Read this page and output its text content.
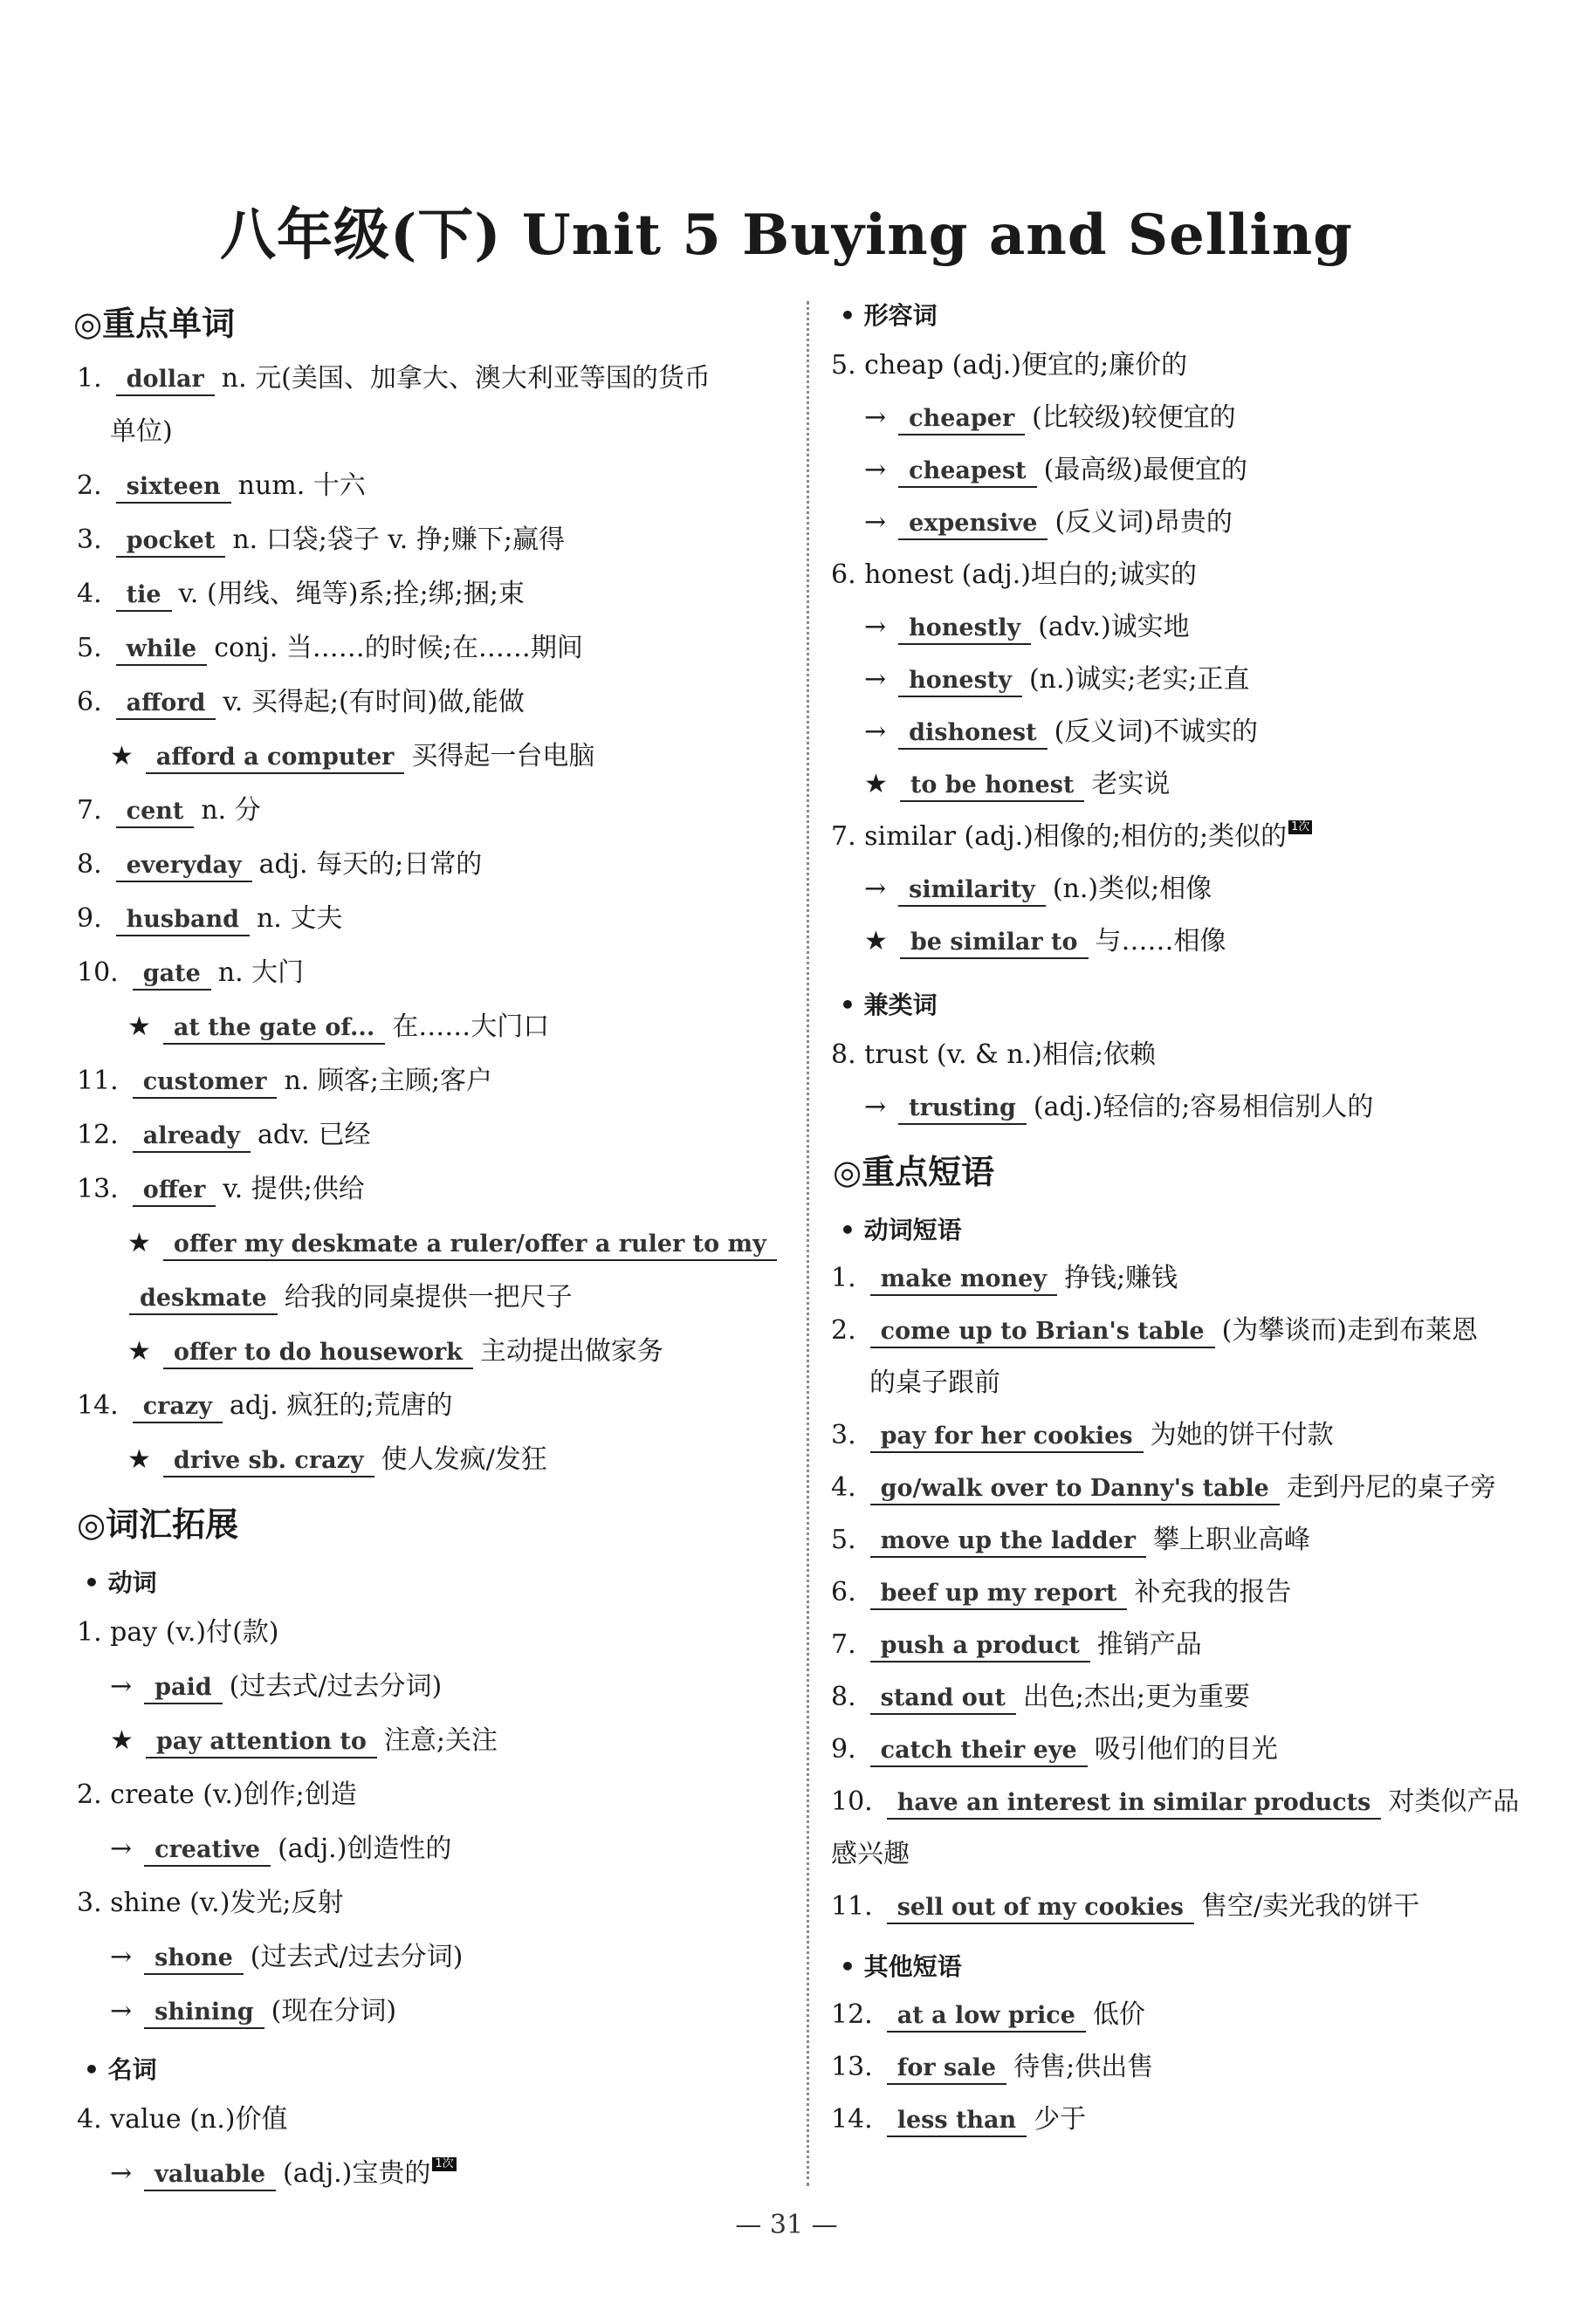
八年级(下) Unit 5 Buying and Selling
◎重点单词
1. dollar n. 元(美国、加拿大、澳大利亚等国的货币
单位)
2. sixteen num. 十六
3. pocket n. 口袋;袋子 v. 挣;赚下;赢得
4. tie v. (用线、绳等)系;拴;绑;捆;束
5. while conj. 当……的时候;在……期间
6. afford v. 买得起;(有时间)做,能做
★ afford a computer 买得起一台电脑
7. cent n. 分
8. everyday adj. 每天的;日常的
9. husband n. 丈夫
10. gate n. 大门
★ at the gate of... 在……大门口
11. customer n. 顾客;主顾;客户
12. already adv. 已经
13. offer v. 提供;供给
★ offer my deskmate a ruler/offer a ruler to my
deskmate 给我的同桌提供一把尺子
★ offer to do housework 主动提出做家务
14. crazy adj. 疯狂的;荒唐的
★ drive sb. crazy 使人发疯/发狂
◎词汇拓展
• 动词
1. pay (v.)付(款)
→ paid (过去式/过去分词)
★ pay attention to 注意;关注
2. create (v.)创作;创造
→ creative (adj.)创造性的
3. shine (v.)发光;反射
→ shone (过去式/过去分词)
→ shining (现在分词)
• 名词
4. value (n.)价值
→ valuable (adj.)宝贵的 1次
• 形容词
5. cheap (adj.)便宜的;廉价的
→ cheaper (比较级)较便宜的
→ cheapest (最高级)最便宜的
→ expensive (反义词)昂贵的
6. honest (adj.)坦白的;诚实的
→ honestly (adv.)诚实地
→ honesty (n.)诚实;老实;正直
→ dishonest (反义词)不诚实的
★ to be honest 老实说
7. similar (adj.)相像的;相仿的;类似的 1次
→ similarity (n.)类似;相像
★ be similar to 与……相像
• 兼类词
8. trust (v. & n.)相信;依赖
→ trusting (adj.)轻信的;容易相信别人的
◎重点短语
• 动词短语
1. make money 挣钱;赚钱
2. come up to Brian's table (为攀谈而)走到布莱恩
的桌子跟前
3. pay for her cookies 为她的饼干付款
4. go/walk over to Danny's table 走到丹尼的桌子旁
5. move up the ladder 攀上职业高峰
6. beef up my report 补充我的报告
7. push a product 推销产品
8. stand out 出色;杰出;更为重要
9. catch their eye 吸引他们的目光
10. have an interest in similar products 对类似产品
感兴趣
11. sell out of my cookies 售空/卖光我的饼干
• 其他短语
12. at a low price 低价
13. for sale 待售;供出售
14. less than 少于
— 31 —
